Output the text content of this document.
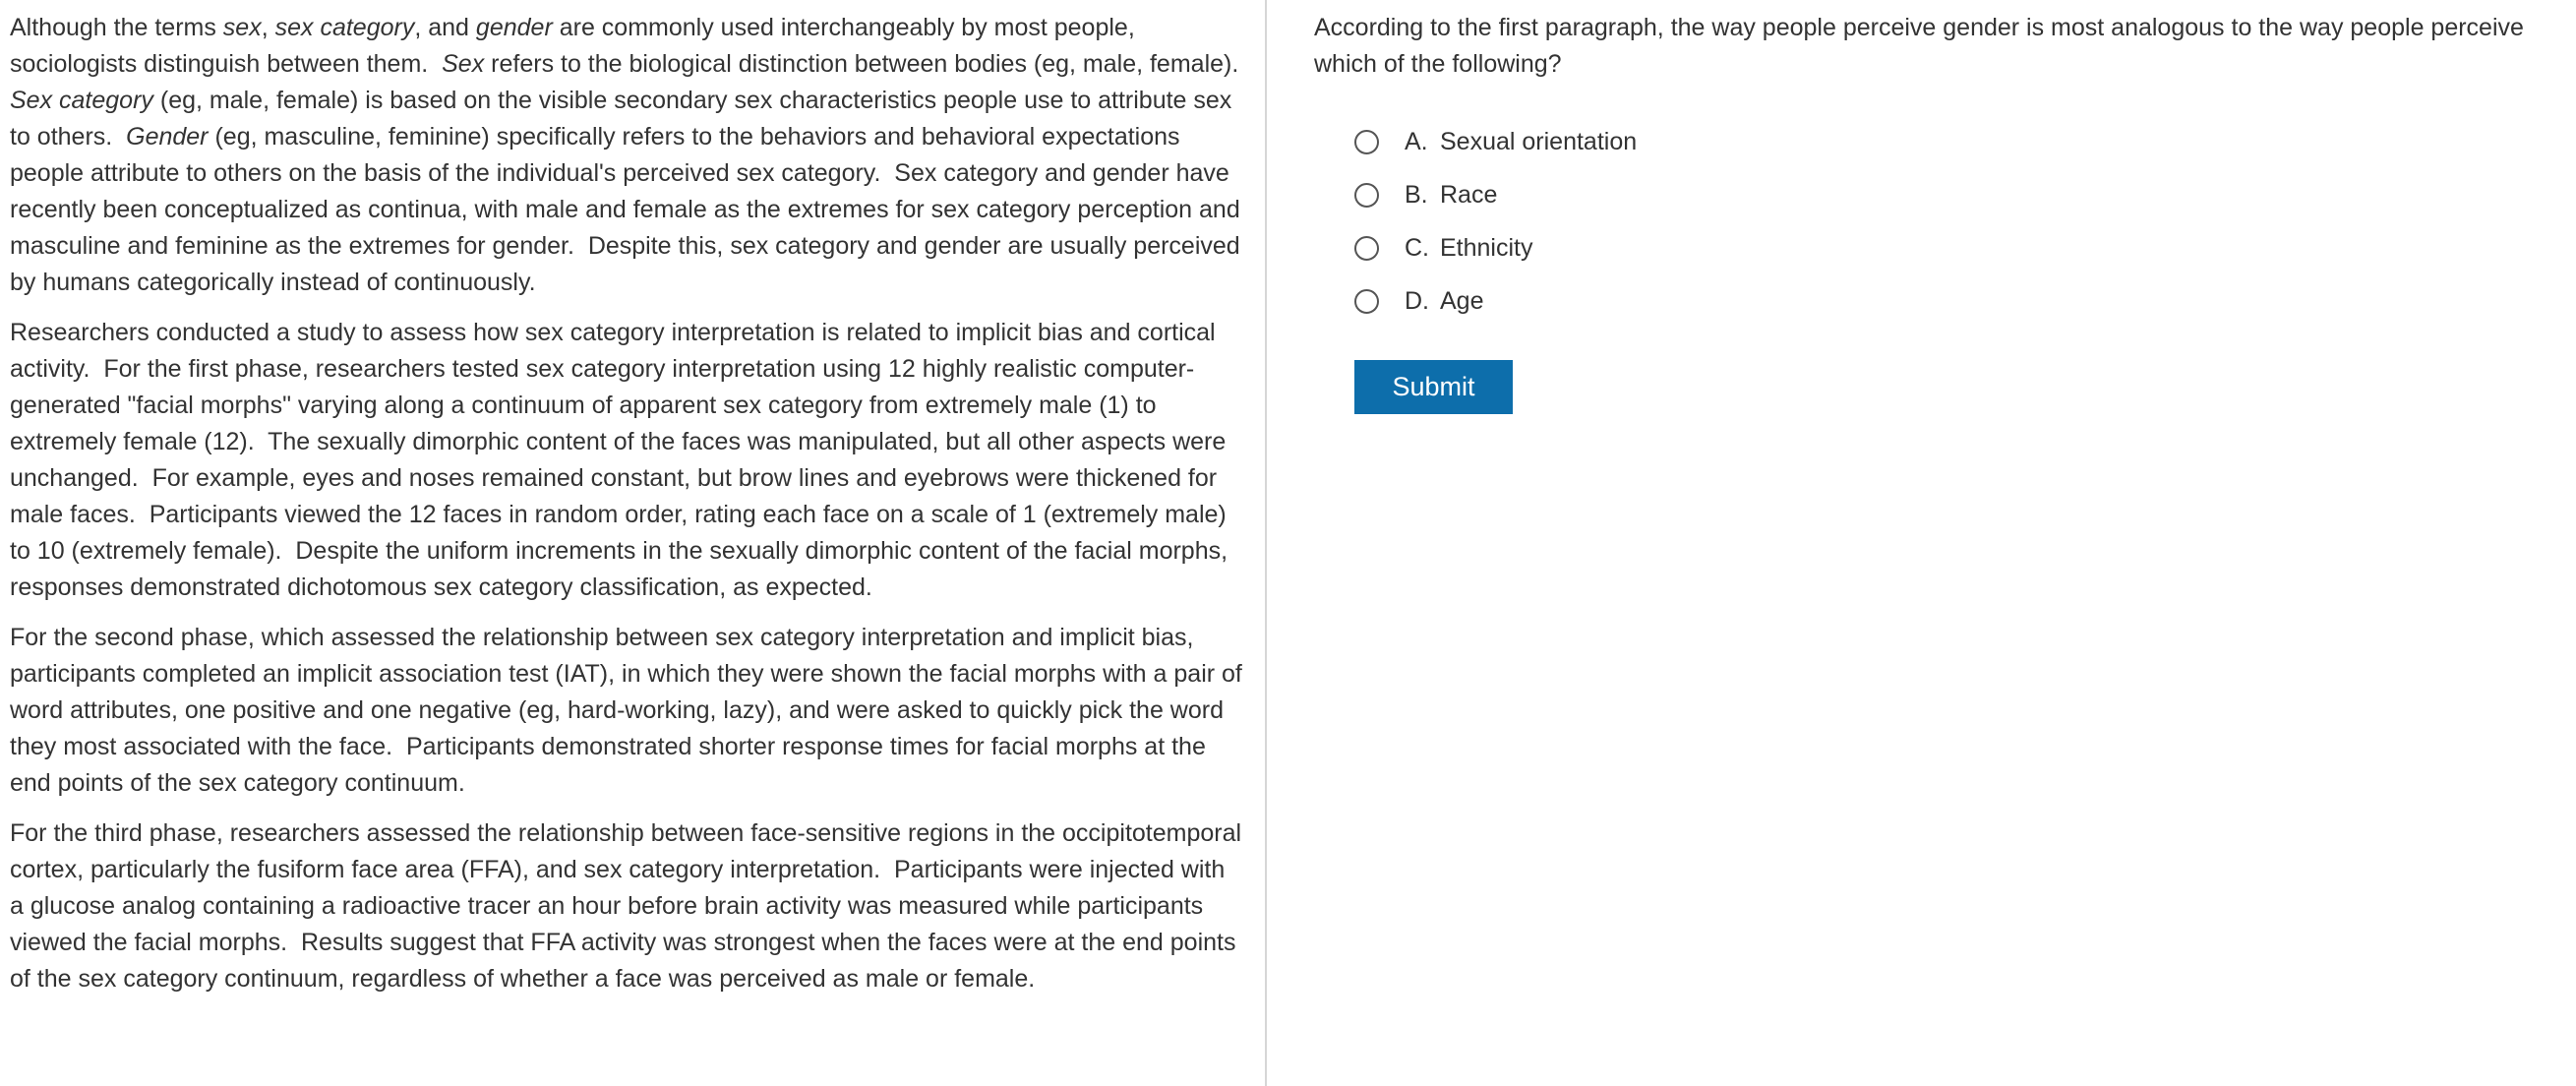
Although the terms sex, sex category, and gender are commonly used interchangeably by most people, sociologists distinguish between them.  Sex refers to the biological distinction between bodies (eg, male, female).  Sex category (eg, male, female) is based on the visible secondary sex characteristics people use to attribute sex to others.  Gender (eg, masculine, feminine) specifically refers to the behaviors and behavioral expectations people attribute to others on the basis of the individual's perceived sex category.  Sex category and gender have recently been conceptualized as continua, with male and female as the extremes for sex category perception and masculine and feminine as the extremes for gender.  Despite this, sex category and gender are usually perceived by humans categorically instead of continuously.

Researchers conducted a study to assess how sex category interpretation is related to implicit bias and cortical activity.  For the first phase, researchers tested sex category interpretation using 12 highly realistic computer-generated "facial morphs" varying along a continuum of apparent sex category from extremely male (1) to extremely female (12).  The sexually dimorphic content of the faces was manipulated, but all other aspects were unchanged.  For example, eyes and noses remained constant, but brow lines and eyebrows were thickened for male faces.  Participants viewed the 12 faces in random order, rating each face on a scale of 1 (extremely male) to 10 (extremely female).  Despite the uniform increments in the sexually dimorphic content of the facial morphs, responses demonstrated dichotomous sex category classification, as expected.

For the second phase, which assessed the relationship between sex category interpretation and implicit bias, participants completed an implicit association test (IAT), in which they were shown the facial morphs with a pair of word attributes, one positive and one negative (eg, hard-working, lazy), and were asked to quickly pick the word they most associated with the face.  Participants demonstrated shorter response times for facial morphs at the end points of the sex category continuum.

For the third phase, researchers assessed the relationship between face-sensitive regions in the occipitotemporal cortex, particularly the fusiform face area (FFA), and sex category interpretation.  Participants were injected with a glucose analog containing a radioactive tracer an hour before brain activity was measured while participants viewed the facial morphs.  Results suggest that FFA activity was strongest when the faces were at the end points of the sex category continuum, regardless of whether a face was perceived as male or female.

According to the first paragraph, the way people perceive gender is most analogous to the way people perceive which of the following?
A. Sexual orientation
B. Race
C. Ethnicity
D. Age
Submit
